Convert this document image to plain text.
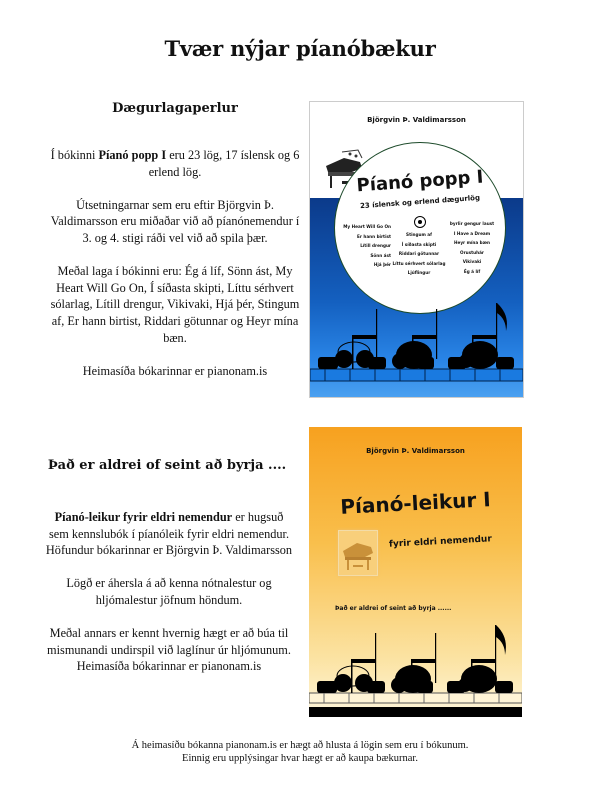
Tvær nýjar píanóbækur
Dægurlagaperlur

Í bókinni Píanó popp I eru 23 lög, 17 íslensk og 6 erlend lög.

Útsetningarnar sem eru eftir Björgvin Þ. Valdimarsson eru miðaðar við að píanónemendur í 3. og 4. stigi ráði vel við að spila þær.

Meðal laga í bókinni eru: Ég á líf, Sönn ást, My Heart Will Go On, Í síðasta skipti, Líttu sérhvert sólarlag, Lítill drengur, Vikivaki, Hjá þér, Stingum af, Er hann birtist, Riddari götunnar og Heyr mína bæn.

Heimasíða bókarinnar er pianonam.is

Björgvin Þ. Valdimarsson
Píanó popp I
23 íslensk og erlend dægurlög
My Heart Will Go On
Er hann birtist
Lítill drengur
Sönn ást
Hjá þér
Stingum af
Í síðasta skipti
Riddari götunnar
Líttu sérhvert sólarlag
Ljúflingur
Þyrlir gengur laust
I Have a Dream
Heyr mína bæn
Orustuhár
Vikivaki
Ég á líf
Það er aldrei of seint að byrja ....

Píanó-leikur fyrir eldri nemendur er hugsuð sem kennslubók í píanóleik fyrir eldri nemendur. Höfundur bókarinnar er Björgvin Þ. Valdimarsson

Lögð er áhersla á að kenna nótnalestur og hljómalestur jöfnum höndum.

Meðal annars er kennt hvernig hægt er að búa til mismunandi undirspil við laglínur úr hljómunum.

Heimasíða bókarinnar er pianonam.is

Björgvin Þ. Valdimarsson
Píanó-leikur I
fyrir eldri nemendur
Það er aldrei of seint að byrja ......
Á heimasíðu bókanna pianonam.is er hægt að hlusta á lögin sem eru í bókunum.
Einnig eru upplýsingar hvar hægt er að kaupa bækurnar.
